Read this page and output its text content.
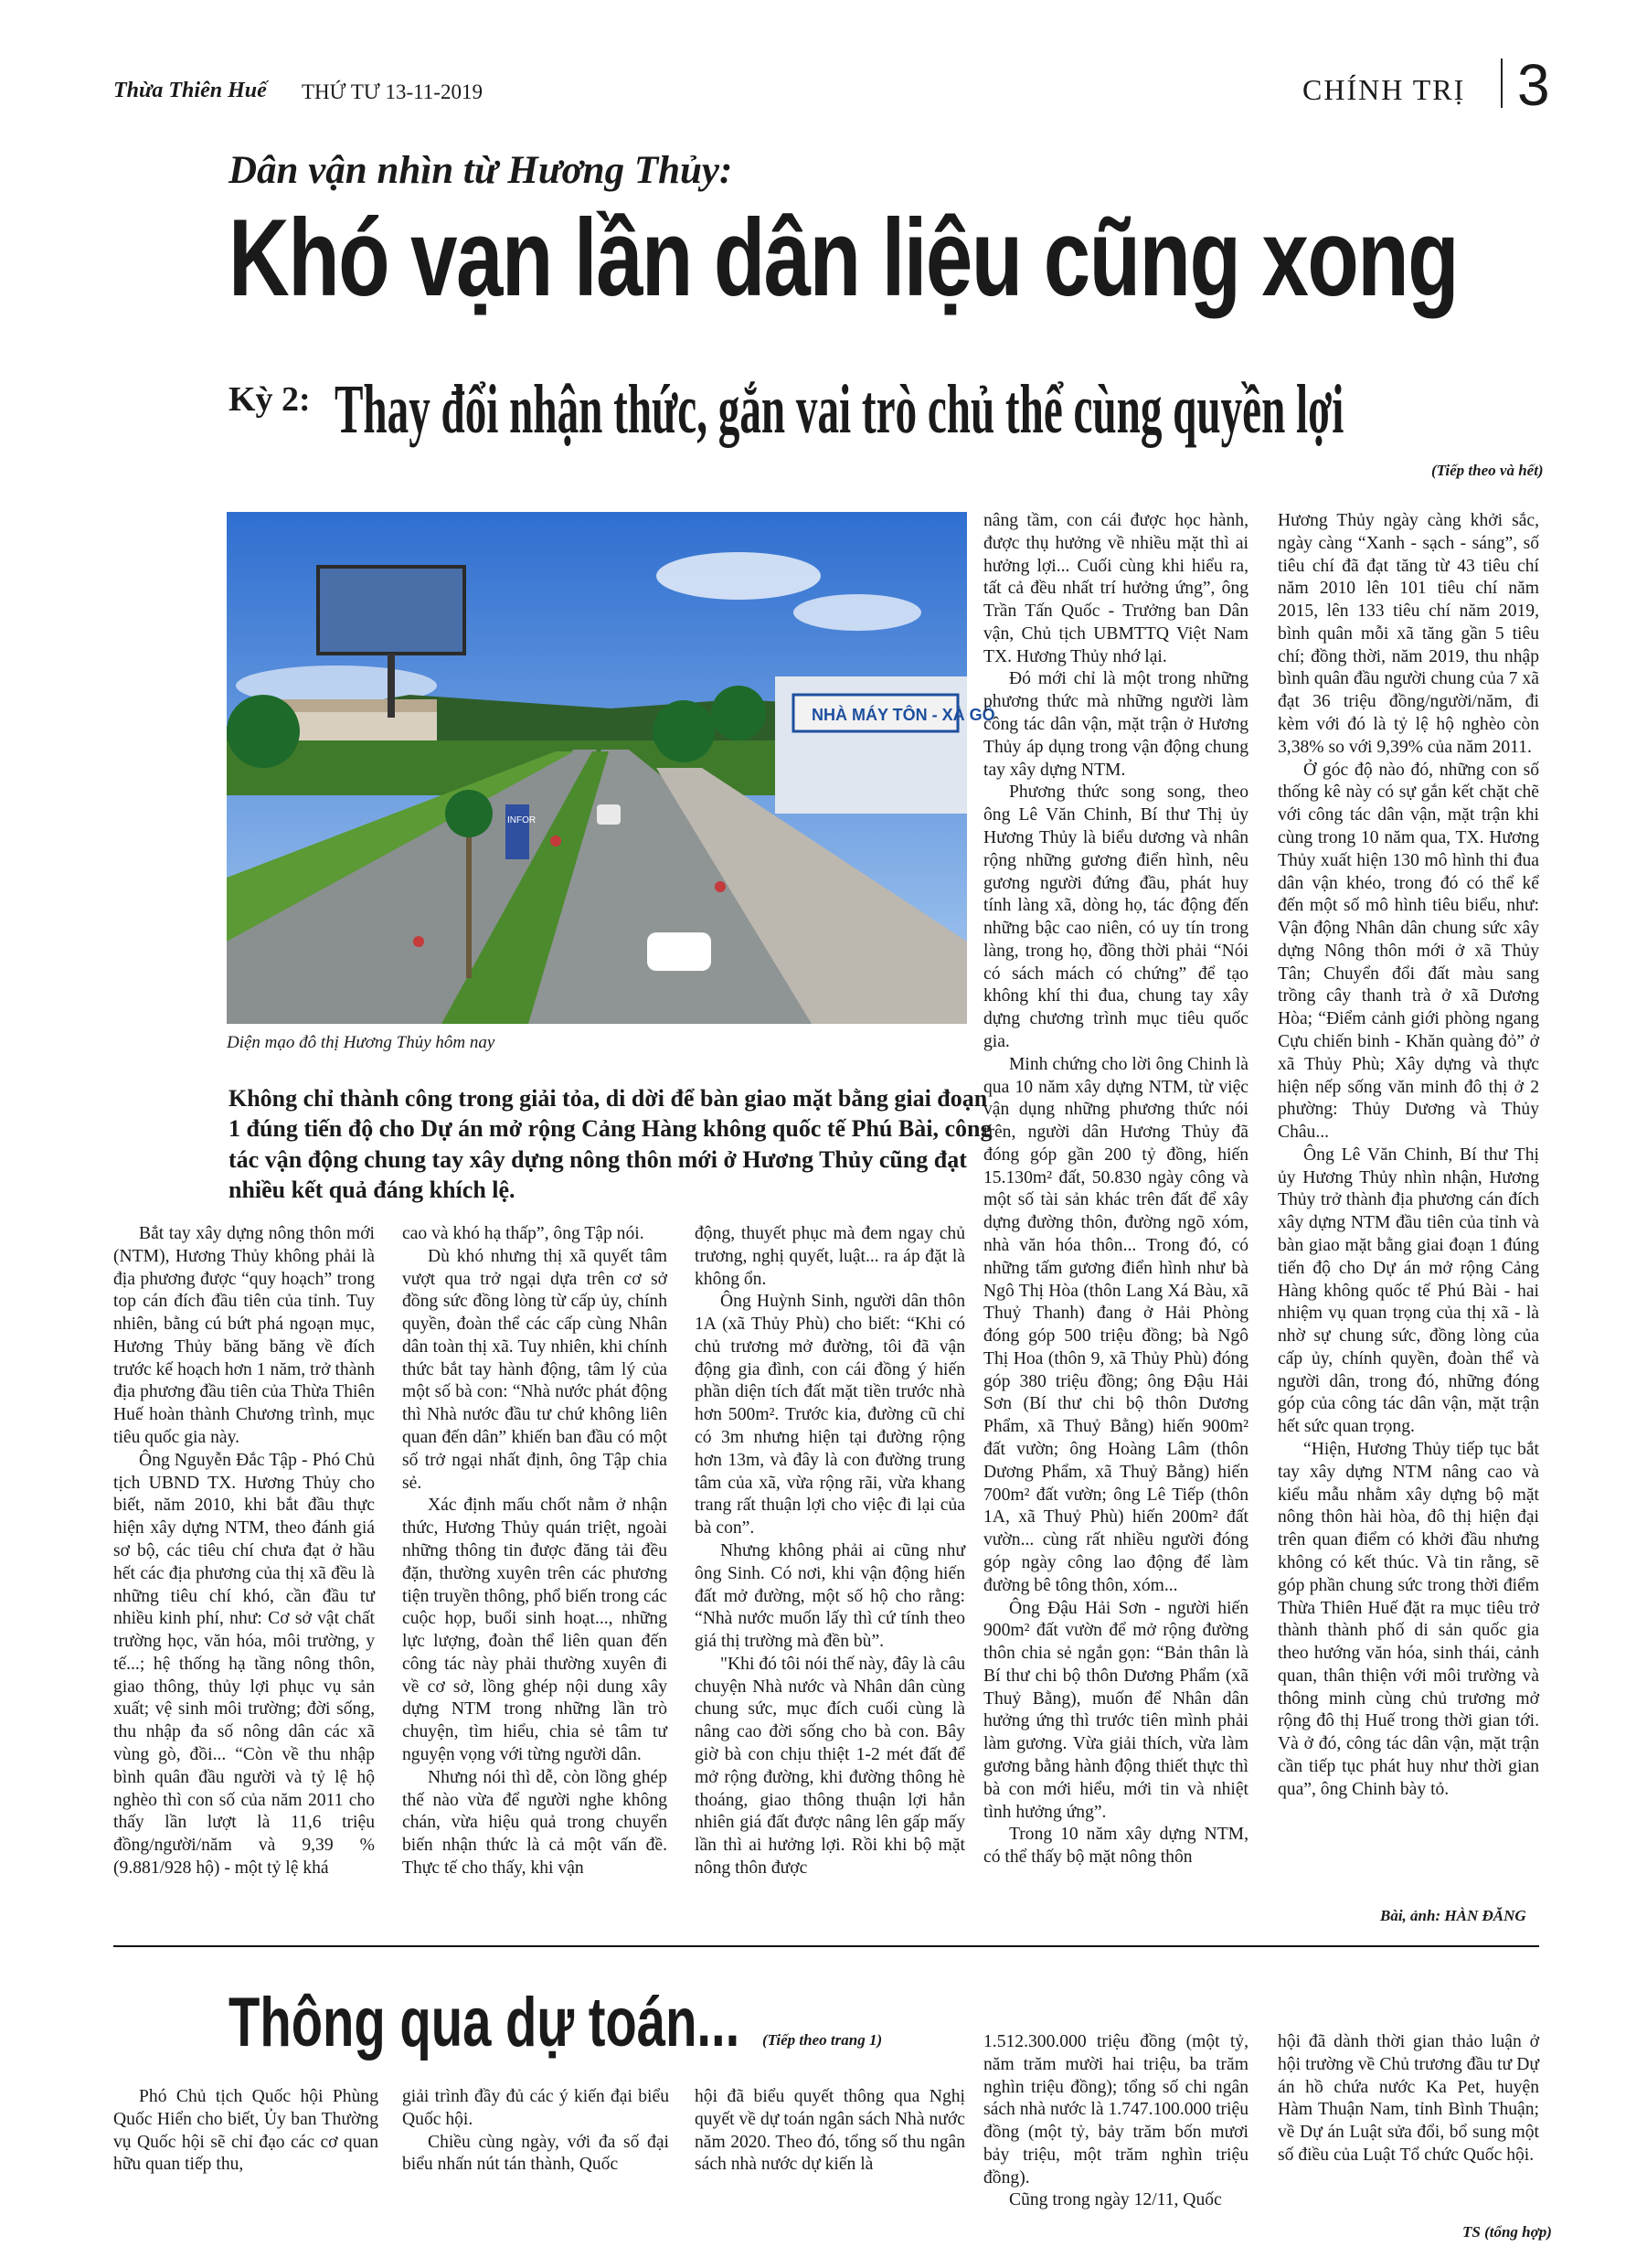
Thừa Thiên Huế THỨ TƯ 13-11-2019	CHÍNH TRỊ 3
Dân vận nhìn từ Hương Thủy:
Khó vạn lần dân liệu cũng xong
Kỳ 2: Thay đổi nhận thức, gắn vai trò chủ thể cùng quyền lợi
(Tiếp theo và hết)
NHÀ MÁY TÔN - XÀ GỒ
INFOR
Diện mạo đô thị Hương Thủy hôm nay
Không chỉ thành công trong giải tỏa, di dời để bàn giao mặt bằng giai đoạn 1 đúng tiến độ cho Dự án mở rộng Cảng Hàng không quốc tế Phú Bài, công tác vận động chung tay xây dựng nông thôn mới ở Hương Thủy cũng đạt nhiều kết quả đáng khích lệ.

nâng tầm, con cái được học hành, được thụ hưởng về nhiều mặt thì ai hưởng lợi... Cuối cùng khi hiểu ra, tất cả đều nhất trí hưởng ứng”, ông Trần Tấn Quốc - Trưởng ban Dân vận, Chủ tịch UBMTTQ Việt Nam TX. Hương Thủy nhớ lại.

Đó mới chỉ là một trong những phương thức mà những người làm công tác dân vận, mặt trận ở Hương Thủy áp dụng trong vận động chung tay xây dựng NTM.

Phương thức song song, theo ông Lê Văn Chinh, Bí thư Thị ủy Hương Thủy là biểu dương và nhân rộng những gương điển hình, nêu gương người đứng đầu, phát huy tính làng xã, dòng họ, tác động đến những bậc cao niên, có uy tín trong làng, trong họ, đồng thời phải “Nói có sách mách có chứng” để tạo không khí thi đua, chung tay xây dựng chương trình mục tiêu quốc gia.

Minh chứng cho lời ông Chinh là qua 10 năm xây dựng NTM, từ việc vận dụng những phương thức nói trên, người dân Hương Thủy đã đóng góp gần 200 tỷ đồng, hiến 15.130m² đất, 50.830 ngày công và một số tài sản khác trên đất để xây dựng đường thôn, đường ngõ xóm, nhà văn hóa thôn... Trong đó, có những tấm gương điển hình như bà Ngô Thị Hòa (thôn Lang Xá Bàu, xã Thuỷ Thanh) đang ở Hải Phòng đóng góp 500 triệu đồng; bà Ngô Thị Hoa (thôn 9, xã Thủy Phù) đóng góp 380 triệu đồng; ông Đậu Hải Sơn (Bí thư chi bộ thôn Dương Phẩm, xã Thuỷ Bằng) hiến 900m² đất vườn; ông Hoàng Lâm (thôn Dương Phẩm, xã Thuỷ Bằng) hiến 700m² đất vườn; ông Lê Tiếp (thôn 1A, xã Thuỷ Phù) hiến 200m² đất vườn... cùng rất nhiều người đóng góp ngày công lao động để làm đường bê tông thôn, xóm...

Ông Đậu Hải Sơn - người hiến 900m² đất vườn để mở rộng đường thôn chia sẻ ngắn gọn: “Bản thân là Bí thư chi bộ thôn Dương Phẩm (xã Thuỷ Bằng), muốn để Nhân dân hưởng ứng thì trước tiên mình phải làm gương. Vừa giải thích, vừa làm gương bằng hành động thiết thực thì bà con mới hiểu, mới tin và nhiệt tình hưởng ứng”.

Trong 10 năm xây dựng NTM, có thể thấy bộ mặt nông thôn

Hương Thủy ngày càng khởi sắc, ngày càng “Xanh - sạch - sáng”, số tiêu chí đã đạt tăng từ 43 tiêu chí năm 2010 lên 101 tiêu chí năm 2015, lên 133 tiêu chí năm 2019, bình quân mỗi xã tăng gần 5 tiêu chí; đồng thời, năm 2019, thu nhập bình quân đầu người chung của 7 xã đạt 36 triệu đồng/người/năm, đi kèm với đó là tỷ lệ hộ nghèo còn 3,38% so với 9,39% của năm 2011.

Ở góc độ nào đó, những con số thống kê này có sự gắn kết chặt chẽ với công tác dân vận, mặt trận khi cùng trong 10 năm qua, TX. Hương Thủy xuất hiện 130 mô hình thi đua dân vận khéo, trong đó có thể kể đến một số mô hình tiêu biểu, như: Vận động Nhân dân chung sức xây dựng Nông thôn mới ở xã Thủy Tân; Chuyển đổi đất màu sang trồng cây thanh trà ở xã Dương Hòa; “Điểm cảnh giới phòng ngang Cựu chiến binh - Khăn quàng đỏ” ở xã Thủy Phù; Xây dựng và thực hiện nếp sống văn minh đô thị ở 2 phường: Thủy Dương và Thủy Châu...

Ông Lê Văn Chinh, Bí thư Thị ủy Hương Thủy nhìn nhận, Hương Thủy trở thành địa phương cán đích xây dựng NTM đầu tiên của tỉnh và bàn giao mặt bằng giai đoạn 1 đúng tiến độ cho Dự án mở rộng Cảng Hàng không quốc tế Phú Bài - hai nhiệm vụ quan trọng của thị xã - là nhờ sự chung sức, đồng lòng của cấp ủy, chính quyền, đoàn thể và người dân, trong đó, những đóng góp của công tác dân vận, mặt trận hết sức quan trọng.

“Hiện, Hương Thủy tiếp tục bắt tay xây dựng NTM nâng cao và kiểu mẫu nhằm xây dựng bộ mặt nông thôn hài hòa, đô thị hiện đại trên quan điểm có khởi đầu nhưng không có kết thúc. Và tin rằng, sẽ góp phần chung sức trong thời điểm Thừa Thiên Huế đặt ra mục tiêu trở thành thành phố di sản quốc gia theo hướng văn hóa, sinh thái, cảnh quan, thân thiện với môi trường và thông minh cùng chủ trương mở rộng đô thị Huế trong thời gian tới. Và ở đó, công tác dân vận, mặt trận cần tiếp tục phát huy như thời gian qua”, ông Chinh bày tỏ.

Bắt tay xây dựng nông thôn mới (NTM), Hương Thủy không phải là địa phương được “quy hoạch” trong top cán đích đầu tiên của tỉnh. Tuy nhiên, bằng cú bứt phá ngoạn mục, Hương Thủy băng băng về đích trước kế hoạch hơn 1 năm, trở thành địa phương đầu tiên của Thừa Thiên Huế hoàn thành Chương trình, mục tiêu quốc gia này.

Ông Nguyễn Đắc Tập - Phó Chủ tịch UBND TX. Hương Thủy cho biết, năm 2010, khi bắt đầu thực hiện xây dựng NTM, theo đánh giá sơ bộ, các tiêu chí chưa đạt ở hầu hết các địa phương của thị xã đều là những tiêu chí khó, cần đầu tư nhiều kinh phí, như: Cơ sở vật chất trường học, văn hóa, môi trường, y tế...; hệ thống hạ tầng nông thôn, giao thông, thủy lợi phục vụ sản xuất; vệ sinh môi trường; đời sống, thu nhập đa số nông dân các xã vùng gò, đồi... “Còn về thu nhập bình quân đầu người và tỷ lệ hộ nghèo thì con số của năm 2011 cho thấy lần lượt là 11,6 triệu đồng/người/năm và 9,39 % (9.881/928 hộ) - một tỷ lệ khá

cao và khó hạ thấp”, ông Tập nói.

Dù khó nhưng thị xã quyết tâm vượt qua trở ngại dựa trên cơ sở đồng sức đồng lòng từ cấp ủy, chính quyền, đoàn thể các cấp cùng Nhân dân toàn thị xã. Tuy nhiên, khi chính thức bắt tay hành động, tâm lý của một số bà con: “Nhà nước phát động thì Nhà nước đầu tư chứ không liên quan đến dân” khiến ban đầu có một số trở ngại nhất định, ông Tập chia sẻ.

Xác định mấu chốt nằm ở nhận thức, Hương Thủy quán triệt, ngoài những thông tin được đăng tải đều đặn, thường xuyên trên các phương tiện truyền thông, phổ biến trong các cuộc họp, buổi sinh hoạt..., những lực lượng, đoàn thể liên quan đến công tác này phải thường xuyên đi về cơ sở, lồng ghép nội dung xây dựng NTM trong những lần trò chuyện, tìm hiểu, chia sẻ tâm tư nguyện vọng với từng người dân.

Nhưng nói thì dễ, còn lồng ghép thế nào vừa để người nghe không chán, vừa hiệu quả trong chuyển biến nhận thức là cả một vấn đề. Thực tế cho thấy, khi vận

động, thuyết phục mà đem ngay chủ trương, nghị quyết, luật... ra áp đặt là không ổn.

Ông Huỳnh Sinh, người dân thôn 1A (xã Thủy Phù) cho biết: “Khi có chủ trương mở đường, tôi đã vận động gia đình, con cái đồng ý hiến phần diện tích đất mặt tiền trước nhà hơn 500m². Trước kia, đường cũ chỉ có 3m nhưng hiện tại đường rộng hơn 13m, và đây là con đường trung tâm của xã, vừa rộng rãi, vừa khang trang rất thuận lợi cho việc đi lại của bà con”.

Nhưng không phải ai cũng như ông Sinh. Có nơi, khi vận động hiến đất mở đường, một số hộ cho rằng: “Nhà nước muốn lấy thì cứ tính theo giá thị trường mà đền bù”.

"Khi đó tôi nói thế này, đây là câu chuyện Nhà nước và Nhân dân cùng chung sức, mục đích cuối cùng là nâng cao đời sống cho bà con. Bây giờ bà con chịu thiệt 1-2 mét đất để mở rộng đường, khi đường thông hè thoáng, giao thông thuận lợi hẳn nhiên giá đất được nâng lên gấp mấy lần thì ai hưởng lợi. Rồi khi bộ mặt nông thôn được

Bài, ảnh: HÀN ĐĂNG
Thông qua dự toán... (Tiếp theo trang 1)

Phó Chủ tịch Quốc hội Phùng Quốc Hiển cho biết, Ủy ban Thường vụ Quốc hội sẽ chỉ đạo các cơ quan hữu quan tiếp thu,

giải trình đầy đủ các ý kiến đại biểu Quốc hội.

Chiều cùng ngày, với đa số đại biểu nhấn nút tán thành, Quốc

hội đã biểu quyết thông qua Nghị quyết về dự toán ngân sách Nhà nước năm 2020. Theo đó, tổng số thu ngân sách nhà nước dự kiến là

1.512.300.000 triệu đồng (một tỷ, năm trăm mười hai triệu, ba trăm nghìn triệu đồng); tổng số chi ngân sách nhà nước là 1.747.100.000 triệu đồng (một tỷ, bảy trăm bốn mươi bảy triệu, một trăm nghìn triệu đồng).

Cũng trong ngày 12/11, Quốc

hội đã dành thời gian thảo luận ở hội trường về Chủ trương đầu tư Dự án hồ chứa nước Ka Pet, huyện Hàm Thuận Nam, tỉnh Bình Thuận; về Dự án Luật sửa đổi, bổ sung một số điều của Luật Tổ chức Quốc hội.

TS (tổng hợp)
